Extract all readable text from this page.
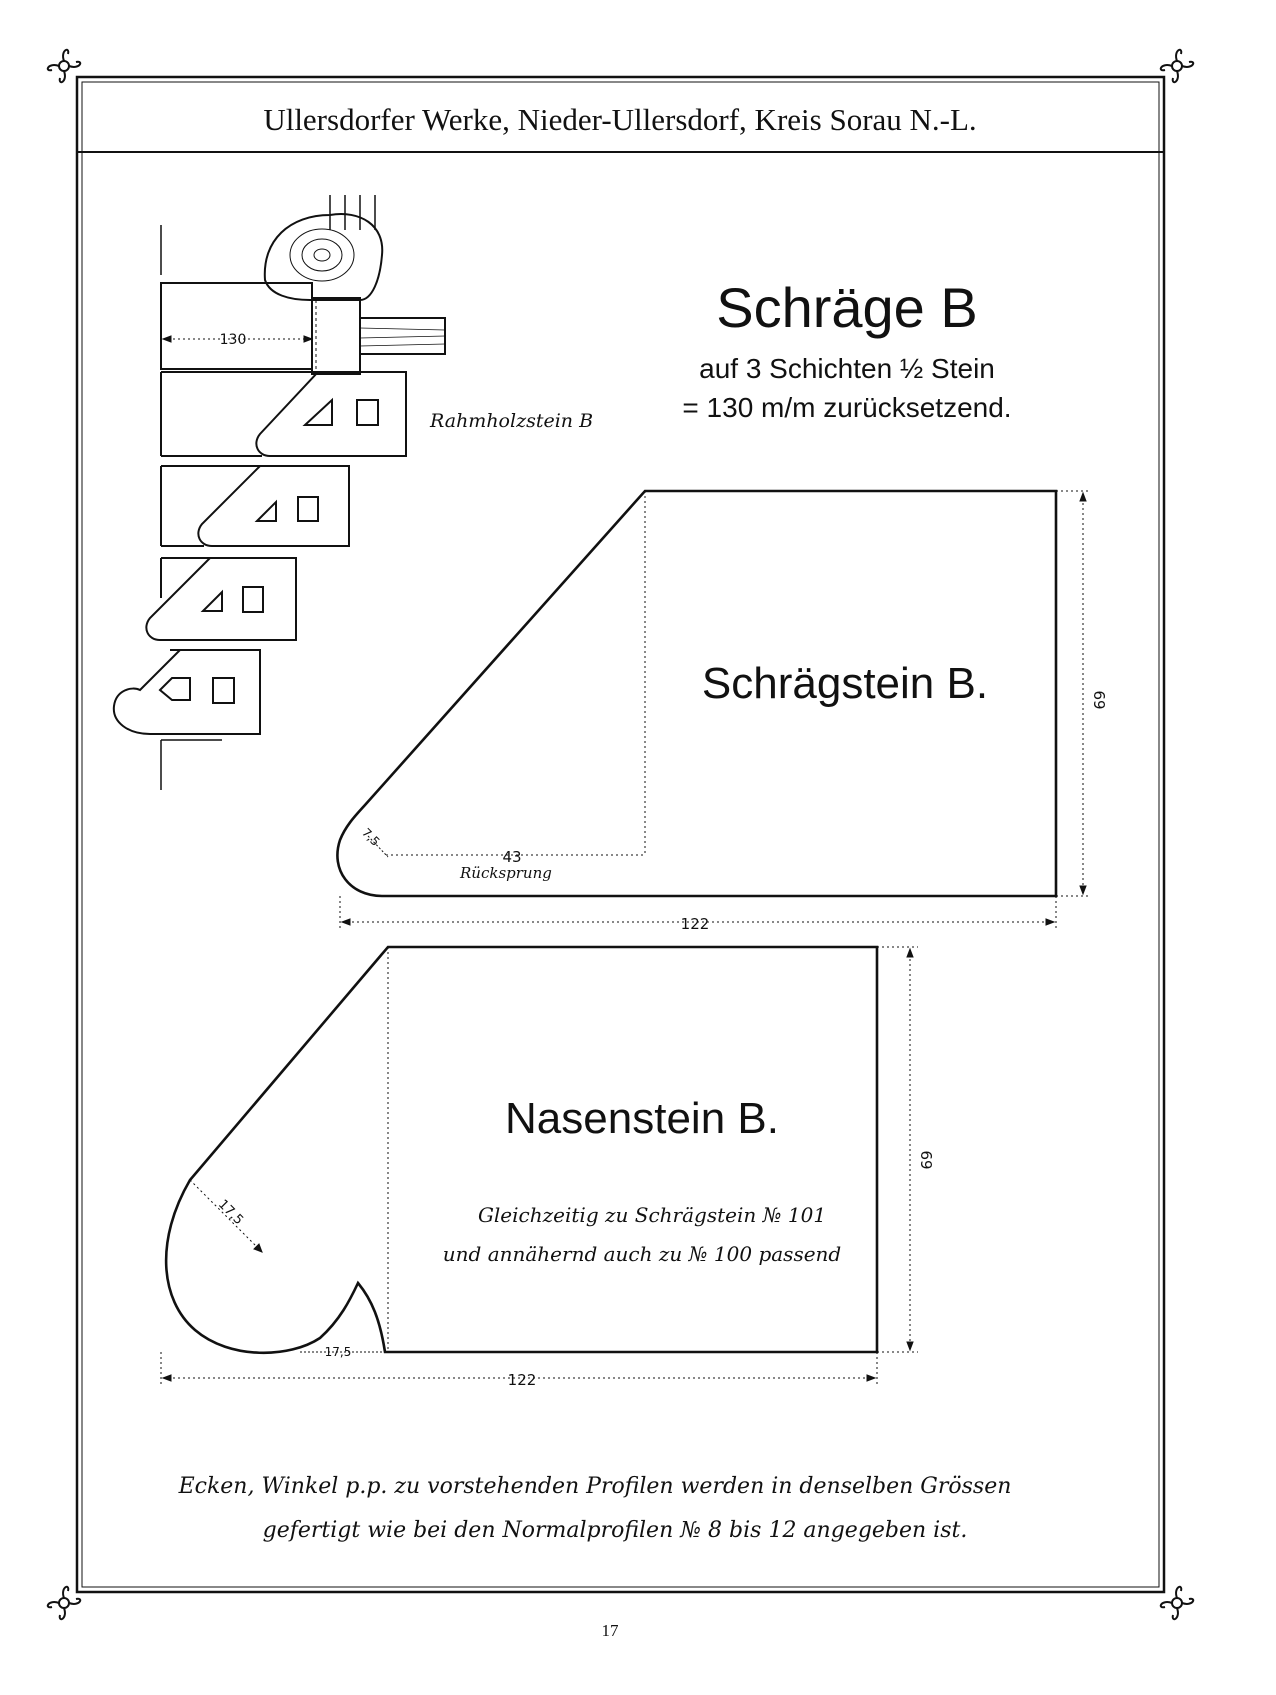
Ullersdorfer Werke, Nieder-Ullersdorf, Kreis Sorau N.-L.
Schräge B
auf 3 Schichten ½ Stein
= 130 m/m zurücksetzend.
130
Rahmholzstein B
Schrägstein B.	69
122
43
Rücksprung
7,5
Nasenstein B.
Gleichzeitig zu Schrägstein № 101
und annähernd auch zu № 100 passend
69
122
17,5
17,5
Ecken, Winkel p.p. zu vorstehenden Profilen werden in denselben Grössen
gefertigt wie bei den Normalprofilen № 8 bis 12 angegeben ist.
17
